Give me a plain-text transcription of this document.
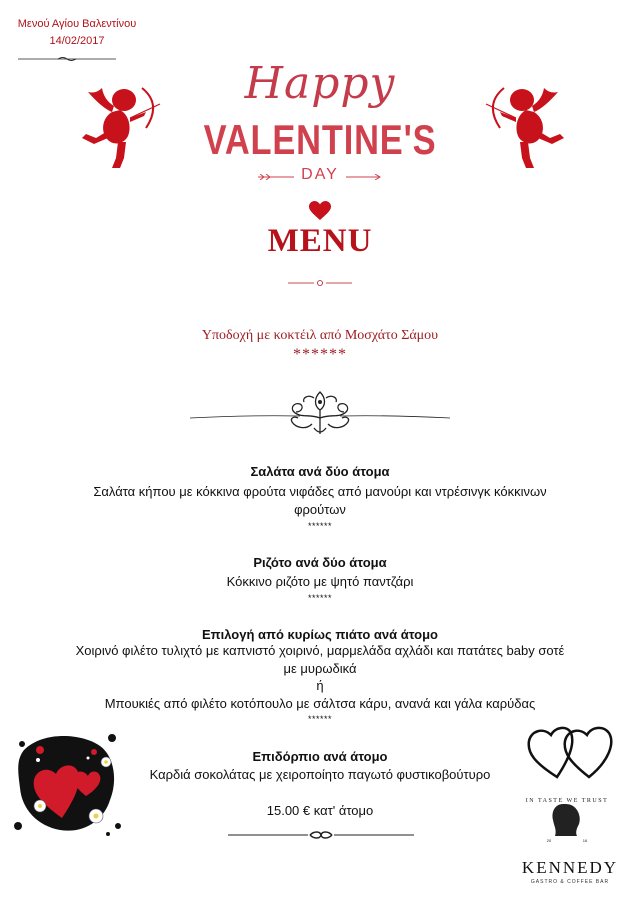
Μενού Αγίου Βαλεντίνου
14/02/2017
Happy
VALENTINE'S
DAY
MENU
Υποδοχή με κοκτέιλ από Μοσχάτο Σάμου
******
Σαλάτα ανά δύο άτομα
Σαλάτα κήπου με κόκκινα φρούτα νιφάδες από μανούρι και ντρέσινγκ κόκκινων
φρούτων
******
Ριζότο ανά δύο άτομα
Κόκκινο ριζότο με ψητό παντζάρι
******
Επιλογή από κυρίως πιάτο ανά άτομο
Χοιρινό φιλέτο τυλιχτό με καπνιστό χοιρινό, μαρμελάδα αχλάδι και πατάτες baby σοτέ
με μυρωδικά
ή
Μπουκιές από φιλέτο κοτόπουλο με σάλτσα κάρυ, ανανά και γάλα καρύδας
******
Επιδόρπιο ανά άτομο
Καρδιά σοκολάτας με χειροποίητο παγωτό φυστικοβούτυρο
15.00 € κατ' άτομο
IN TASTE WE TRUST
20	16
KENNEDY
GASTRO & COFFEE BAR
